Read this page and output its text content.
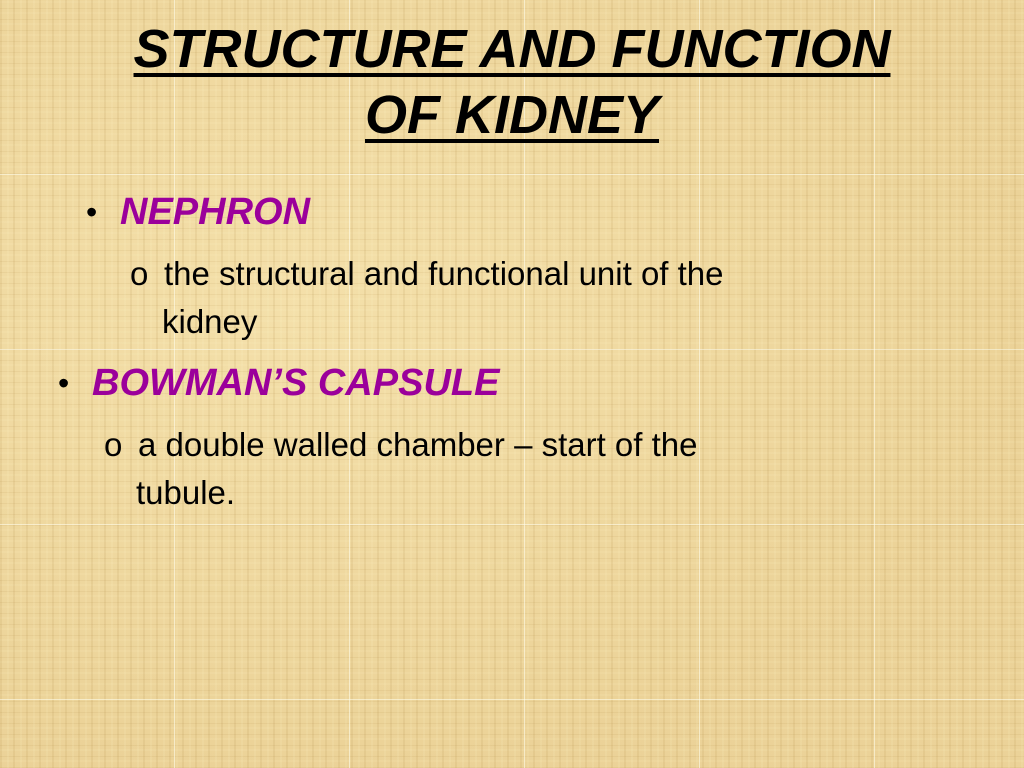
STRUCTURE AND FUNCTION
OF KIDNEY
• NEPHRON
o the structural and functional unit of the
kidney
• BOWMAN’S CAPSULE
o a double walled chamber – start of the
tubule.
